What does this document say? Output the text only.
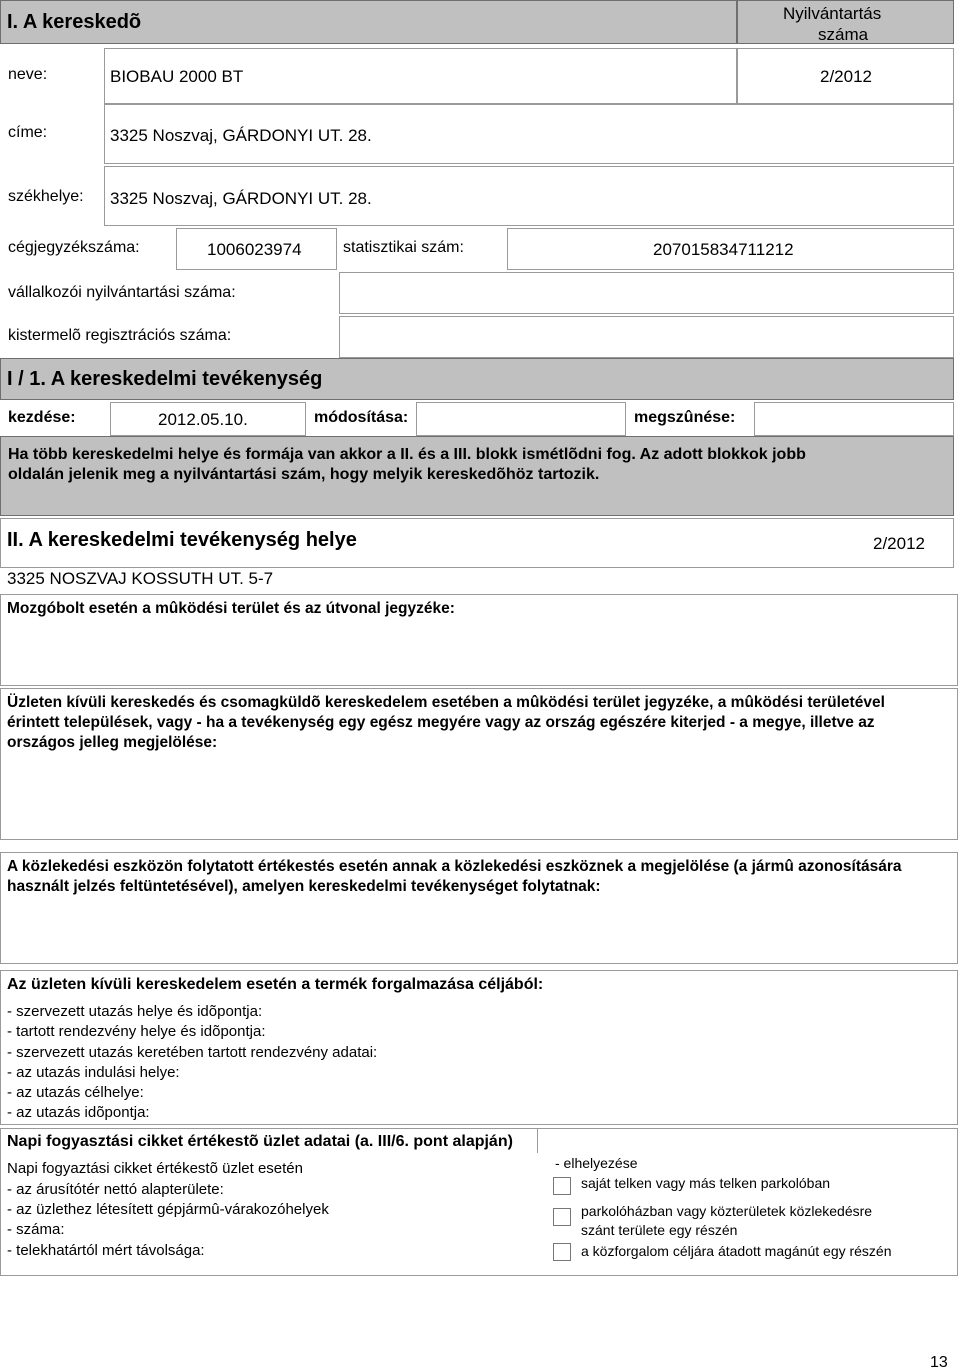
I. A kereskedõ	Nyilvántartás
száma
neve:	BIOBAU 2000 BT	2/2012
címe:	3325 Noszvaj, GÁRDONYI UT. 28.
székhelye: 3325 Noszvaj, GÁRDONYI UT. 28.
cégjegyzékszáma:	1006023974	statisztikai szám:	207015834711212
vállalkozói nyilvántartási száma:
kistermelõ regisztrációs száma:
I / 1. A kereskedelmi tevékenység
kezdése:	2012.05.10.	módosítása:	megszûnése:
Ha több kereskedelmi helye és formája van akkor a II. és a III. blokk ismétlõdni fog. Az adott blokkok jobb oldalán jelenik meg a nyilvántartási szám, hogy melyik kereskedõhöz tartozik.
II. A kereskedelmi tevékenység helye	2/2012
3325 NOSZVAJ KOSSUTH UT. 5-7
Mozgóbolt esetén a mûködési terület és az útvonal jegyzéke:
Üzleten kívüli kereskedés és csomagküldõ kereskedelem esetében a mûködési terület jegyzéke, a mûködési területével érintett települések, vagy - ha a tevékenység egy egész megyére vagy az ország egészére kiterjed - a megye, illetve az országos jelleg megjelölése:
A közlekedési eszközön folytatott értékestés esetén annak a közlekedési eszköznek a megjelölése (a jármû azonosítására használt jelzés feltüntetésével), amelyen kereskedelmi tevékenységet folytatnak:
Az üzleten kívüli kereskedelem esetén a termék forgalmazása céljából:
- szervezett utazás helye és idõpontja:
- tartott rendezvény helye és idõpontja:
- szervezett utazás keretében tartott rendezvény adatai:
- az utazás indulási helye:
- az utazás célhelye:
- az utazás idõpontja:
Napi fogyasztási cikket értékestõ üzlet adatai (a. III/6. pont alapján)
Napi fogyaztási cikket értékestõ üzlet esetén
- az árusítótér nettó alapterülete:
- az üzlethez létesített gépjármû-várakozóhelyek
- száma:
- telekhatártól mért távolsága:
- elhelyezése
saját telken vagy más telken parkolóban
parkolóházban vagy közterületek közlekedésre
szánt területe egy részén
a közforgalom céljára átadott magánút egy részén
13
